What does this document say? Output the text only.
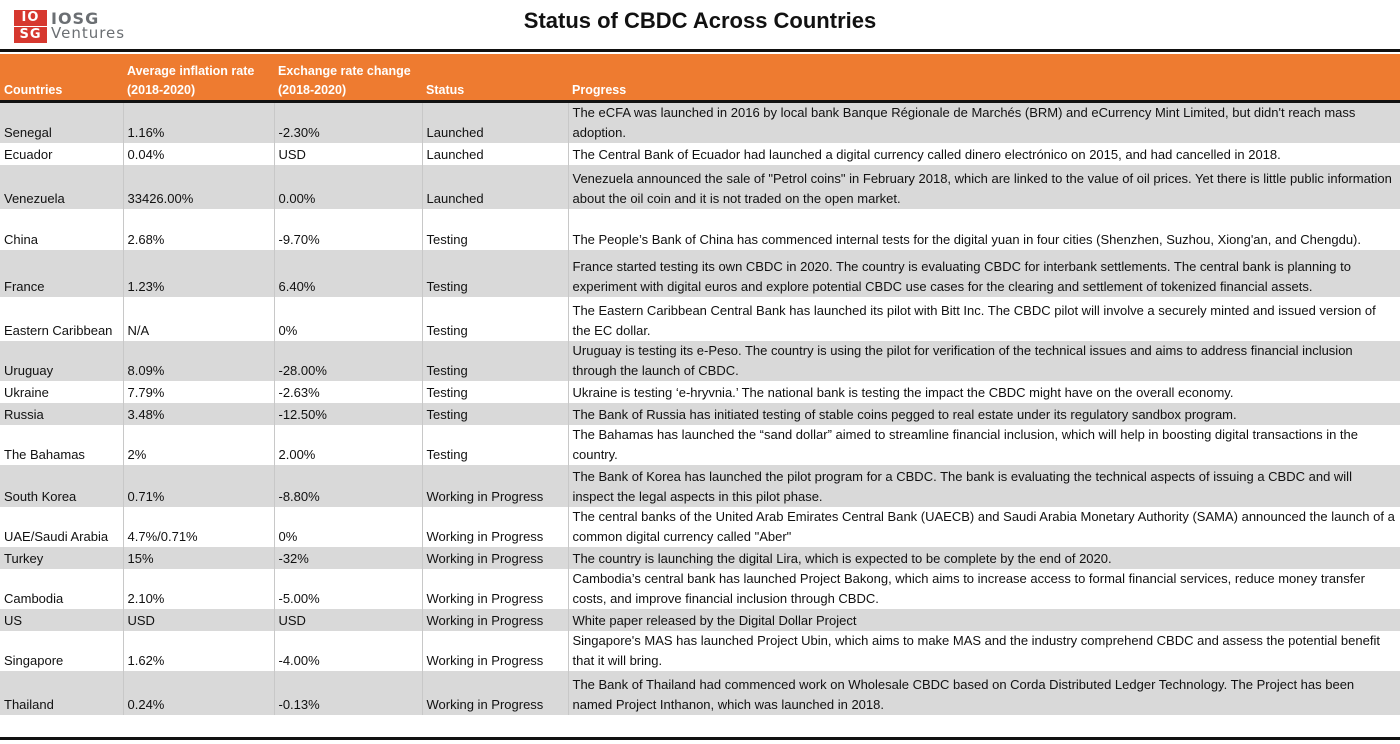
IO
SG
IOSG
Ventures	Status of CBDC Across Countries
Countries	Average inflation rate (2018-2020)	Exchange rate change (2018-2020)	Status	Progress
Senegal	1.16%	-2.30%	Launched	The eCFA was launched in 2016 by local bank Banque Régionale de Marchés (BRM) and eCurrency Mint Limited, but didn't reach mass adoption.
Ecuador	0.04%	USD	Launched	The Central Bank of Ecuador had launched a digital currency called dinero electrónico on 2015, and had cancelled in 2018.
Venezuela	33426.00%	0.00%	Launched	Venezuela announced the sale of "Petrol coins" in February 2018, which are linked to the value of oil prices. Yet there is little public information about the oil coin and it is not traded on the open market.
China	2.68%	-9.70%	Testing	The People’s Bank of China has commenced internal tests for the digital yuan in four cities (Shenzhen, Suzhou, Xiong'an, and Chengdu).
France	1.23%	6.40%	Testing	France started testing its own CBDC in 2020. The country is evaluating CBDC for interbank settlements. The central bank is planning to experiment with digital euros and explore potential CBDC use cases for the clearing and settlement of tokenized financial assets.
Eastern Caribbean	N/A	0%	Testing	The Eastern Caribbean Central Bank has launched its pilot with Bitt Inc. The CBDC pilot will involve a securely minted and issued version of the EC dollar.
Uruguay	8.09%	-28.00%	Testing	Uruguay is testing its e-Peso. The country is using the pilot for verification of the technical issues and aims to address financial inclusion through the launch of CBDC.
Ukraine	7.79%	-2.63%	Testing	Ukraine is testing ‘e-hryvnia.’ The national bank is testing the impact the CBDC might have on the overall economy.
Russia	3.48%	-12.50%	Testing	The Bank of Russia has initiated testing of stable coins pegged to real estate under its regulatory sandbox program.
The Bahamas	2%	2.00%	Testing	The Bahamas has launched the “sand dollar” aimed to streamline financial inclusion, which will help in boosting digital transactions in the country.
South Korea	0.71%	-8.80%	Working in Progress	The Bank of Korea has launched the pilot program for a CBDC. The bank is evaluating the technical aspects of issuing a CBDC and will inspect the legal aspects in this pilot phase.
UAE/Saudi Arabia	4.7%/0.71%	0%	Working in Progress	The central banks of the United Arab Emirates Central Bank (UAECB) and Saudi Arabia Monetary Authority (SAMA) announced the launch of a common digital currency called "Aber"
Turkey	15%	-32%	Working in Progress	The country is launching the digital Lira, which is expected to be complete by the end of 2020.
Cambodia	2.10%	-5.00%	Working in Progress	Cambodia’s central bank has launched Project Bakong, which aims to increase access to formal financial services, reduce money transfer costs, and improve financial inclusion through CBDC.
US	USD	USD	Working in Progress	White paper released by the Digital Dollar Project
Singapore	1.62%	-4.00%	Working in Progress	Singapore's MAS has launched Project Ubin, which aims to make MAS and the industry comprehend CBDC and assess the potential benefit that it will bring.
Thailand	0.24%	-0.13%	Working in Progress	The Bank of Thailand had commenced work on Wholesale CBDC based on Corda Distributed Ledger Technology. The Project has been named Project Inthanon, which was launched in 2018.
